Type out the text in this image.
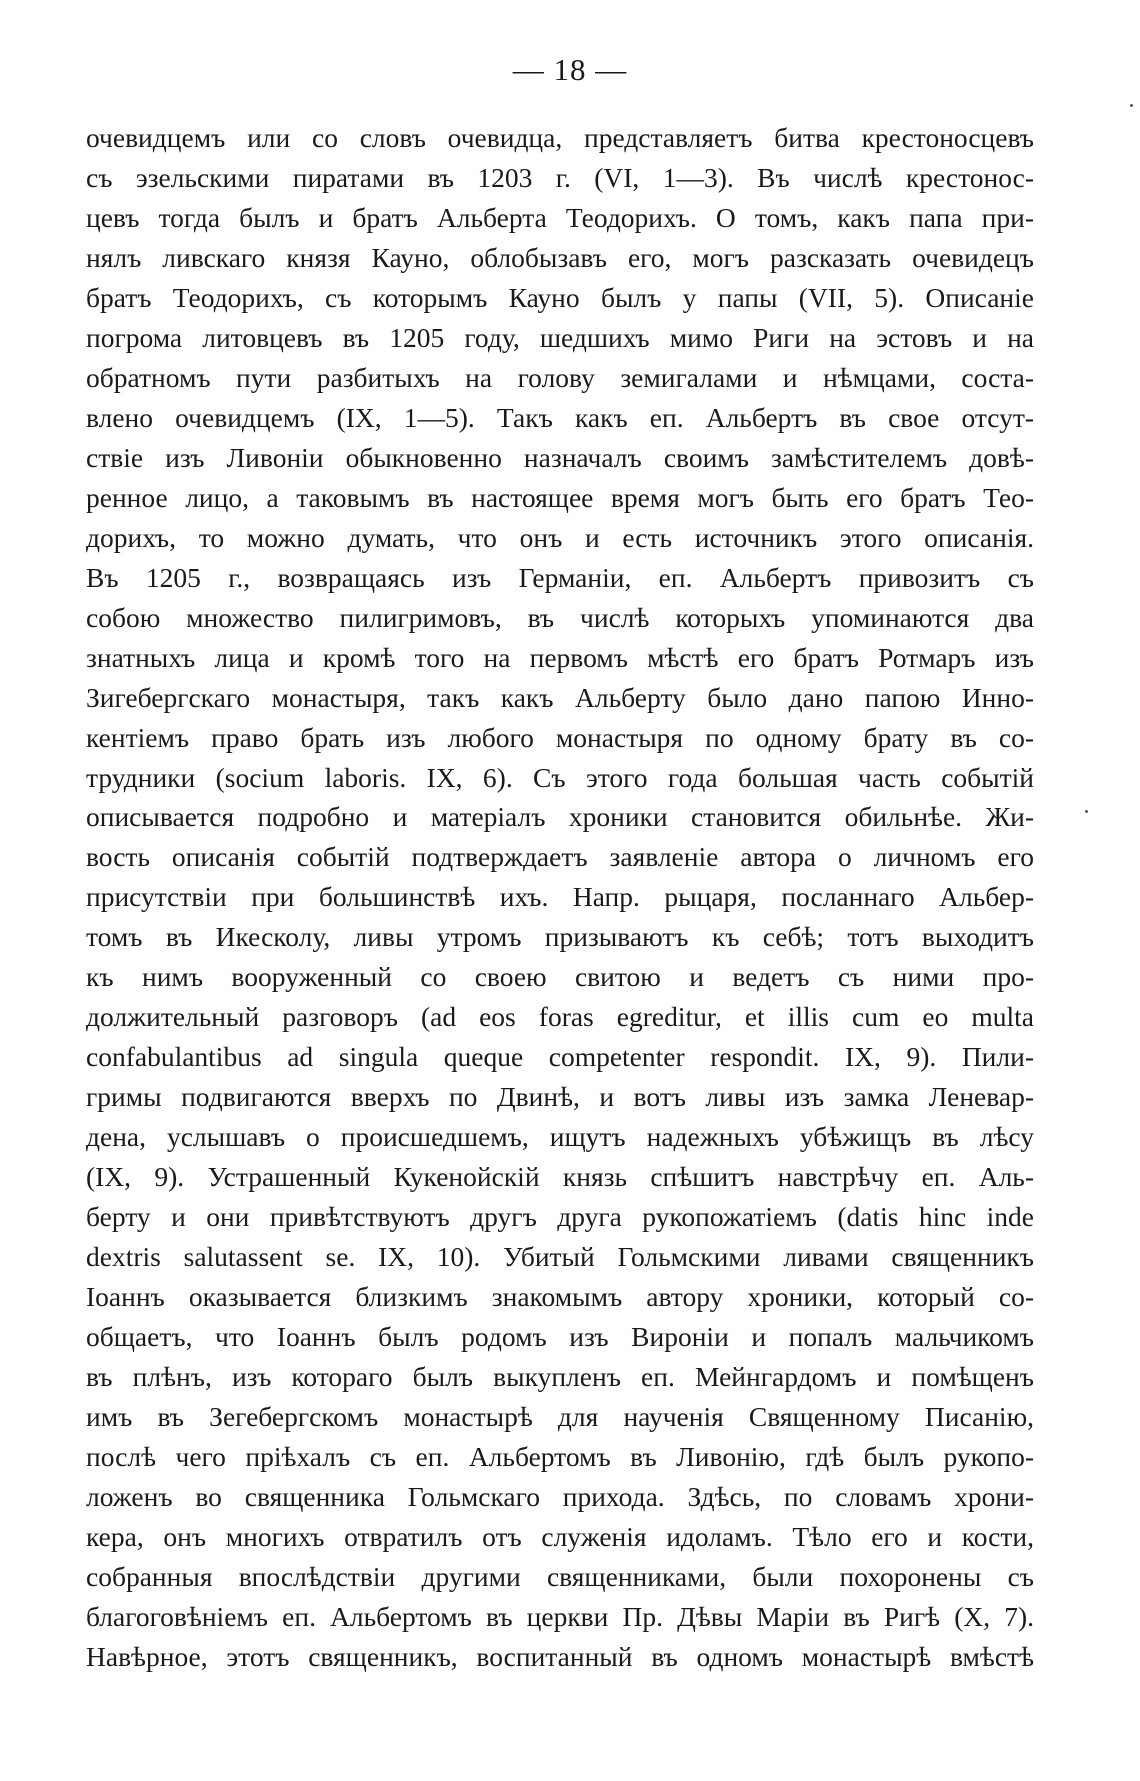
— 18 —
очевидцемъ или со словъ очевидца, представляетъ битва крестоносцевъ
съ эзельскими пиратами въ 1203 г. (VI, 1—3). Въ числѣ крестонос-
цевъ тогда былъ и братъ Альберта Теодорихъ. О томъ, какъ папа при-
нялъ ливскаго князя Кауно, облобызавъ его, могъ разсказать очевидецъ
братъ Теодорихъ, съ которымъ Кауно былъ у папы (VII, 5). Описаніе
погрома литовцевъ въ 1205 году, шедшихъ мимо Риги на эстовъ и на
обратномъ пути разбитыхъ на голову земигалами и нѣмцами, соста-
влено очевидцемъ (IX, 1—5). Такъ какъ еп. Альбертъ въ свое отсут-
ствіе изъ Ливоніи обыкновенно назначалъ своимъ замѣстителемъ довѣ-
ренное лицо, а таковымъ въ настоящее время могъ быть его братъ Тео-
дорихъ, то можно думать, что онъ и есть источникъ этого описанія.
Въ 1205 г., возвращаясь изъ Германіи, еп. Альбертъ привозитъ съ
собою множество пилигримовъ, въ числѣ которыхъ упоминаются два
знатныхъ лица и кромѣ того на первомъ мѣстѣ его братъ Ротмаръ изъ
Зигебергскаго монастыря, такъ какъ Альберту было дано папою Инно-
кентіемъ право брать изъ любого монастыря по одному брату въ со-
трудники (socium laboris. IX, 6). Съ этого года большая часть событій
описывается подробно и матеріалъ хроники становится обильнѣе. Жи-
вость описанія событій подтверждаетъ заявленіе автора о личномъ его
присутствіи при большинствѣ ихъ. Напр. рыцаря, посланнаго Альбер-
томъ въ Икесколу, ливы утромъ призываютъ къ себѣ; тотъ выходитъ
къ нимъ вооруженный со своею свитою и ведетъ съ ними про-
должительный разговоръ (ad eos foras egreditur, et illis cum eo multa
confabulantibus ad singula queque competenter respondit. IX, 9). Пили-
гримы подвигаются вверхъ по Двинѣ, и вотъ ливы изъ замка Леневар-
дена, услышавъ о происшедшемъ, ищутъ надежныхъ убѣжищъ въ лѣсу
(IX, 9). Устрашенный Кукенойскій князь спѣшитъ навстрѣчу еп. Аль-
берту и они привѣтствуютъ другъ друга рукопожатіемъ (datis hinc inde
dextris salutassent se. IX, 10). Убитый Гольмскими ливами священникъ
Іоаннъ оказывается близкимъ знакомымъ автору хроники, который со-
общаетъ, что Іоаннъ былъ родомъ изъ Вироніи и попалъ мальчикомъ
въ плѣнъ, изъ котораго былъ выкупленъ еп. Мейнгардомъ и помѣщенъ
имъ въ Зегебергскомъ монастырѣ для наученія Священному Писанію,
послѣ чего пріѣхалъ съ еп. Альбертомъ въ Ливонію, гдѣ былъ рукопо-
ложенъ во священника Гольмскаго прихода. Здѣсь, по словамъ хрони-
кера, онъ многихъ отвратилъ отъ служенія идоламъ. Тѣло его и кости,
собранныя впослѣдствіи другими священниками, были похоронены съ
благоговѣніемъ еп. Альбертомъ въ церкви Пр. Дѣвы Маріи въ Ригѣ (X, 7).
Навѣрное, этотъ священникъ, воспитанный въ одномъ монастырѣ вмѣстѣ
